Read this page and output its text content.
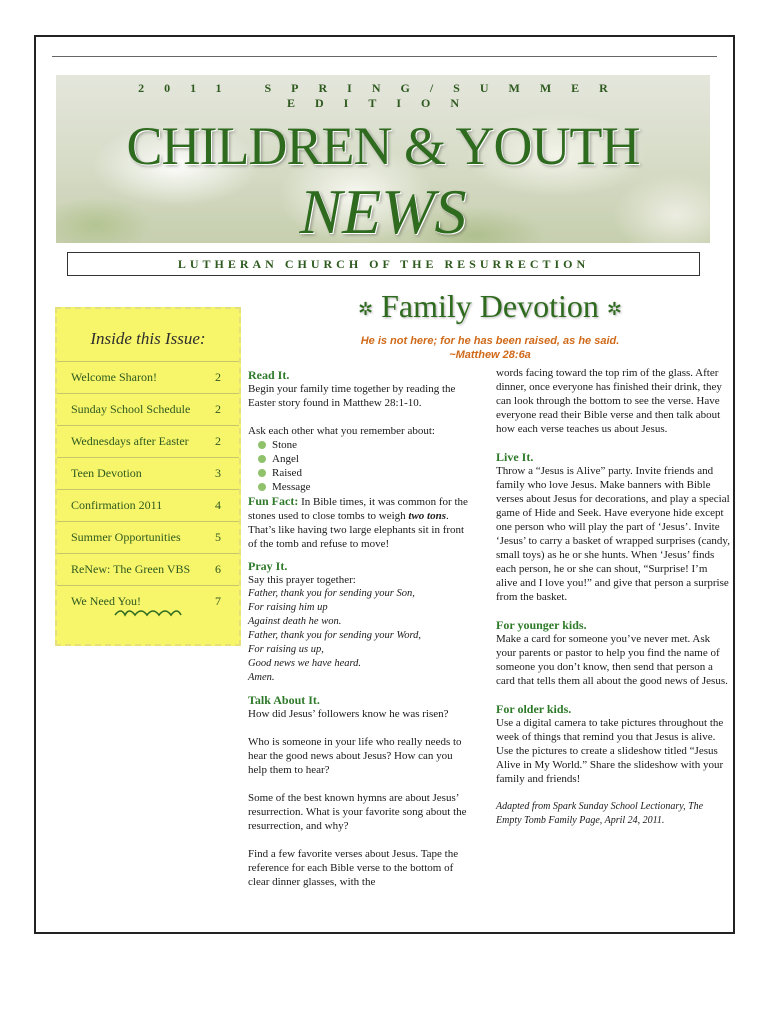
2011 SPRING/SUMMER EDITION
CHILDREN & YOUTH
NEWS
LUTHERAN CHURCH OF THE RESURRECTION
Inside this Issue:
Welcome Sharon!	2
Sunday School Schedule	2
Wednesdays after Easter	2
Teen Devotion	3
Confirmation 2011	4
Summer Opportunities	5
ReNew: The Green VBS	6
We Need You!	7
✲ Family Devotion ✲
He is not here; for he has been raised, as he said.
~Matthew 28:6a

Read It.

Begin your family time together by reading the Easter story found in Matthew 28:1-10.

Ask each other what you remember about:

Stone
Angel
Raised
Message

Fun Fact: In Bible times, it was common for the stones used to close tombs to weigh two tons. That’s like having two large elephants sit in front of the tomb and refuse to move!

Pray It.

Say this prayer together:

Father, thank you for sending your Son,
For raising him up
Against death he won.
Father, thank you for sending your Word,
For raising us up,
Good news we have heard.
Amen.

Talk About It.

How did Jesus’ followers know he was risen?

Who is someone in your life who really needs to hear the good news about Jesus? How can you help them to hear?

Some of the best known hymns are about Jesus’ resurrection. What is your favorite song about the resurrection, and why?

Find a few favorite verses about Jesus. Tape the reference for each Bible verse to the bottom of clear dinner glasses, with the

words facing toward the top rim of the glass. After dinner, once everyone has finished their drink, they can look through the bottom to see the verse. Have everyone read their Bible verse and then talk about how each verse teaches us about Jesus.

Live It.

Throw a “Jesus is Alive” party. Invite friends and family who love Jesus. Make banners with Bible verses about Jesus for decorations, and play a special game of Hide and Seek. Have everyone hide except one person who will play the part of ‘Jesus’. Invite ‘Jesus’ to carry a basket of wrapped surprises (candy, small toys) as he or she hunts. When ‘Jesus’ finds each person, he or she can shout, “Surprise! I’m alive and I love you!” and give that person a surprise from the basket.

For younger kids.

Make a card for someone you’ve never met. Ask your parents or pastor to help you find the name of someone you don’t know, then send that person a card that tells them all about the good news of Jesus.

For older kids.

Use a digital camera to take pictures throughout the week of things that remind you that Jesus is alive. Use the pictures to create a slideshow titled “Jesus Alive in My World.” Share the slideshow with your family and friends!

Adapted from Spark Sunday School Lectionary, The Empty Tomb Family Page, April 24, 2011.
